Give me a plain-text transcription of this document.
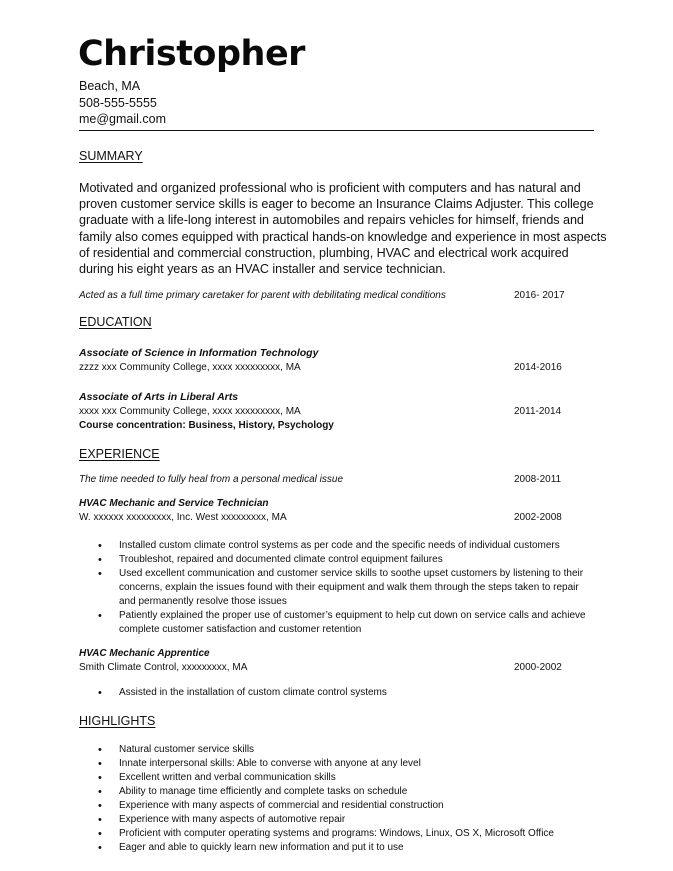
Christopher
Beach, MA
508-555-5555
me@gmail.com
SUMMARY
Motivated and organized professional who is proficient with computers and has natural and
proven customer service skills is eager to become an Insurance Claims Adjuster. This college
graduate with a life-long interest in automobiles and repairs vehicles for himself, friends and
family also comes equipped with practical hands-on knowledge and experience in most aspects
of residential and commercial construction, plumbing, HVAC and electrical work acquired
during his eight years as an HVAC installer and service technician.
Acted as a full time primary caretaker for parent with debilitating medical conditions	2016- 2017
EDUCATION
Associate of Science in Information Technology
zzzz xxx Community College, xxxx xxxxxxxxx, MA	2014-2016
Associate of Arts in Liberal Arts
xxxx xxx Community College, xxxx xxxxxxxxx, MA	2011-2014
Course concentration: Business, History, Psychology
EXPERIENCE
The time needed to fully heal from a personal medical issue	2008-2011
HVAC Mechanic and Service Technician
W. xxxxxx xxxxxxxxx, Inc. West xxxxxxxxx, MA	2002-2008
• Installed custom climate control systems as per code and the specific needs of individual customers
• Troubleshot, repaired and documented climate control equipment failures
• Used excellent communication and customer service skills to soothe upset customers by listening to their concerns, explain the issues found with their equipment and walk them through the steps taken to repair and permanently resolve those issues
• Patiently explained the proper use of customer’s equipment to help cut down on service calls and achieve complete customer satisfaction and customer retention
HVAC Mechanic Apprentice
Smith Climate Control, xxxxxxxxx, MA	2000-2002
• Assisted in the installation of custom climate control systems
HIGHLIGHTS
• Natural customer service skills
• Innate interpersonal skills: Able to converse with anyone at any level
• Excellent written and verbal communication skills
• Ability to manage time efficiently and complete tasks on schedule
• Experience with many aspects of commercial and residential construction
• Experience with many aspects of automotive repair
• Proficient with computer operating systems and programs: Windows, Linux, OS X, Microsoft Office
• Eager and able to quickly learn new information and put it to use
